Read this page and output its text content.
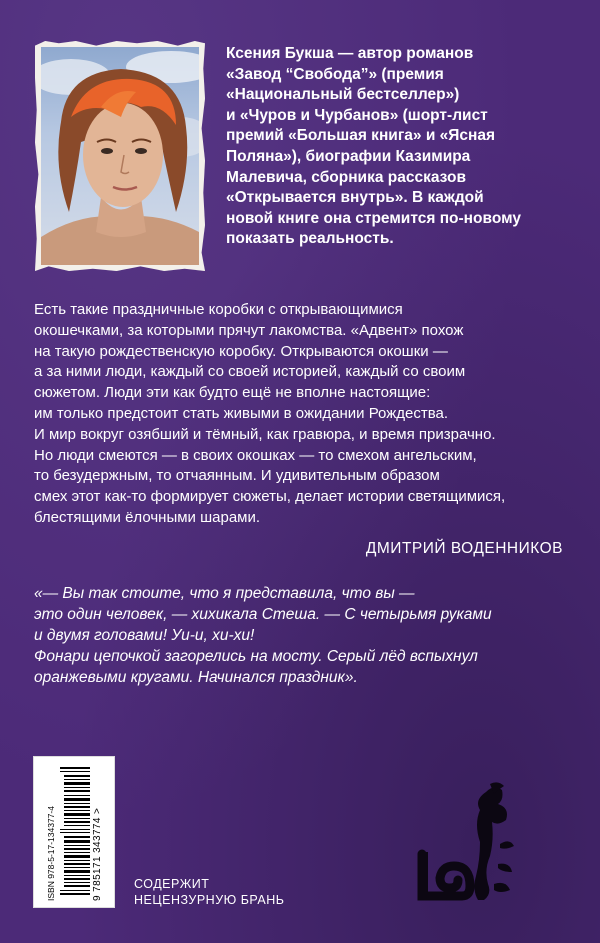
Ксения Букша — автор романов
«Завод “Свобода”» (премия
«Национальный бестселлер»)
и «Чуров и Чурбанов» (шорт-лист
премий «Большая книга» и «Ясная
Поляна»), биографии Казимира
Малевича, сборника рассказов
«Открывается внутрь». В каждой
новой книге она стремится по-новому
показать реальность.
Есть такие праздничные коробки с открывающимися
окошечками, за которыми прячут лакомства. «Адвент» похож
на такую рождественскую коробку. Открываются окошки —
а за ними люди, каждый со своей историей, каждый со своим
сюжетом. Люди эти как будто ещё не вполне настоящие:
им только предстоит стать живыми в ожидании Рождества.
И мир вокруг озябший и тёмный, как гравюра, и время призрачно.
Но люди смеются — в своих окошках — то смехом ангельским,
то безудержным, то отчаянным. И удивительным образом
смех этот как-то формирует сюжеты, делает истории светящимися,
блестящими ёлочными шарами.
ДМИТРИЙ ВОДЕННИКОВ
«— Вы так стоите, что я представила, что вы —
это один человек, — хихикала Стеша. — С четырьмя руками
и двумя головами! Уи-и, хи-хи!
Фонари цепочкой загорелись на мосту. Серый лёд вспыхнул
оранжевыми кругами. Начинался праздник».
ISBN 978-5-17-134377-4	9 785171 343774 > СОДЕРЖИТ
НЕЦЕНЗУРНУЮ БРАНЬ
